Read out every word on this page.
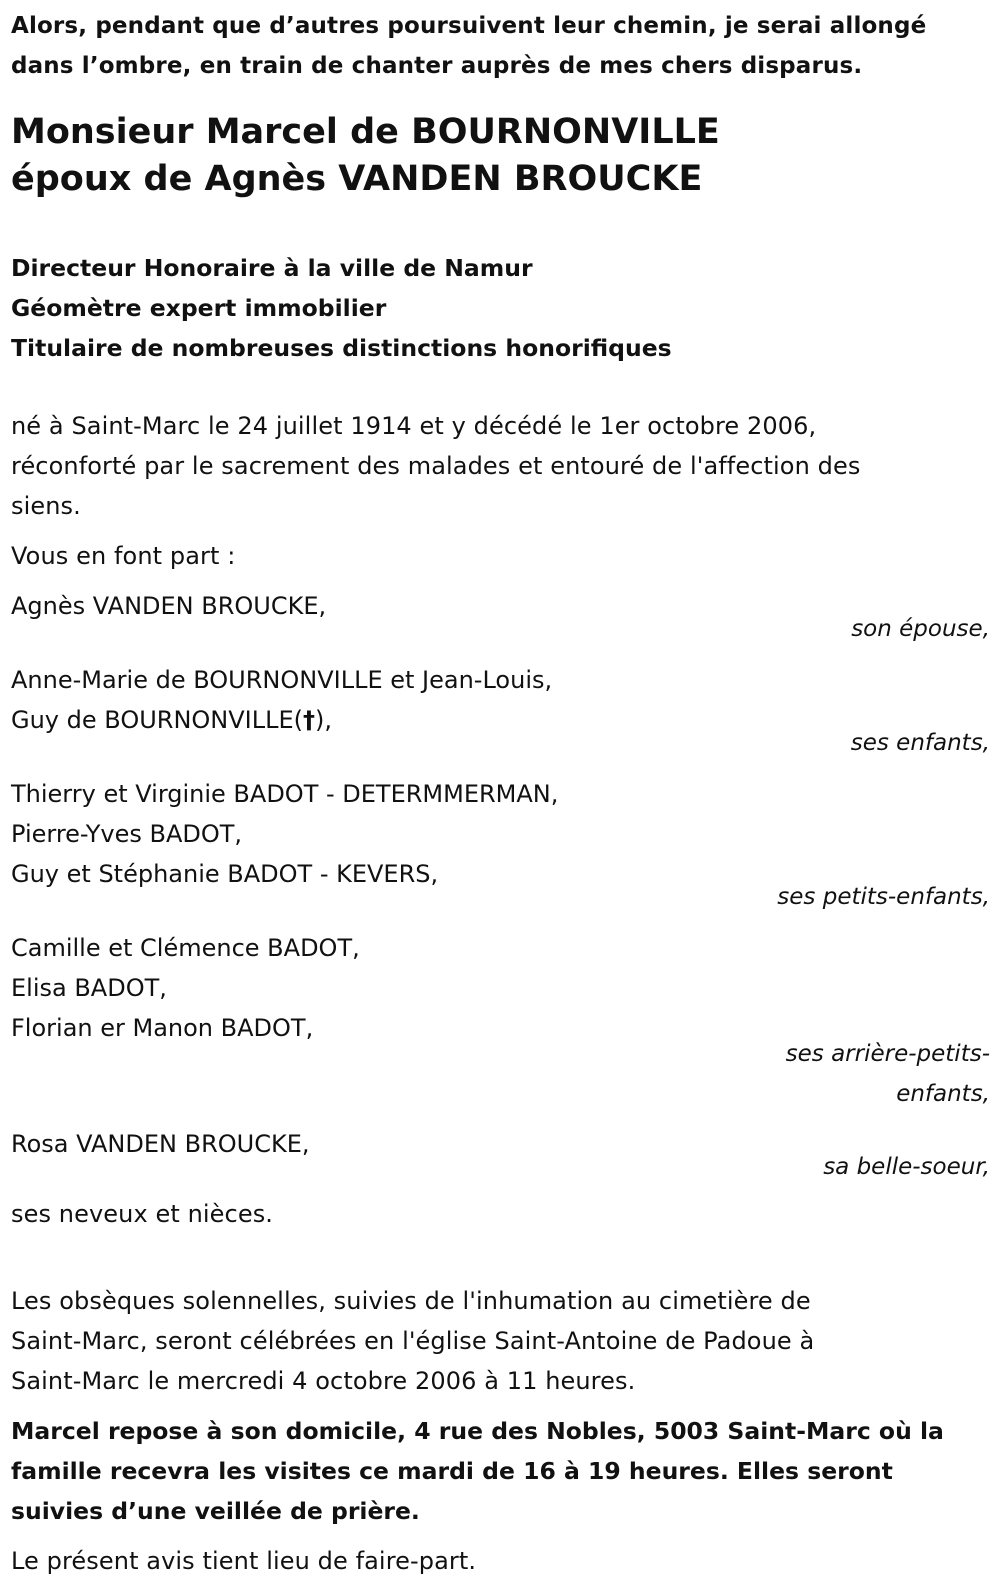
Alors, pendant que d’autres poursuivent leur chemin, je serai allongé
dans l’ombre, en train de chanter auprès de mes chers disparus.
Monsieur Marcel de BOURNONVILLE
époux de Agnès VANDEN BROUCKE
Directeur Honoraire à la ville de Namur
Géomètre expert immobilier
Titulaire de nombreuses distinctions honorifiques
né à Saint-Marc le 24 juillet 1914 et y décédé le 1er octobre 2006,
réconforté par le sacrement des malades et entouré de l'affection des
siens.
Vous en font part :
Agnès VANDEN BROUCKE,
son épouse,
Anne-Marie de BOURNONVILLE et Jean-Louis,
Guy de BOURNONVILLE(†),
ses enfants,
Thierry et Virginie BADOT - DETERMMERMAN,
Pierre-Yves BADOT,
Guy et Stéphanie BADOT - KEVERS,
ses petits-enfants,
Camille et Clémence BADOT,
Elisa BADOT,
Florian er Manon BADOT,
ses arrière-petits-
enfants,
Rosa VANDEN BROUCKE,
sa belle-soeur,
ses neveux et nièces.
Les obsèques solennelles, suivies de l'inhumation au cimetière de
Saint-Marc, seront célébrées en l'église Saint-Antoine de Padoue à
Saint-Marc le mercredi 4 octobre 2006 à 11 heures.
Marcel repose à son domicile, 4 rue des Nobles, 5003 Saint-Marc où la
famille recevra les visites ce mardi de 16 à 19 heures. Elles seront
suivies d’une veillée de prière.
Le présent avis tient lieu de faire-part.
